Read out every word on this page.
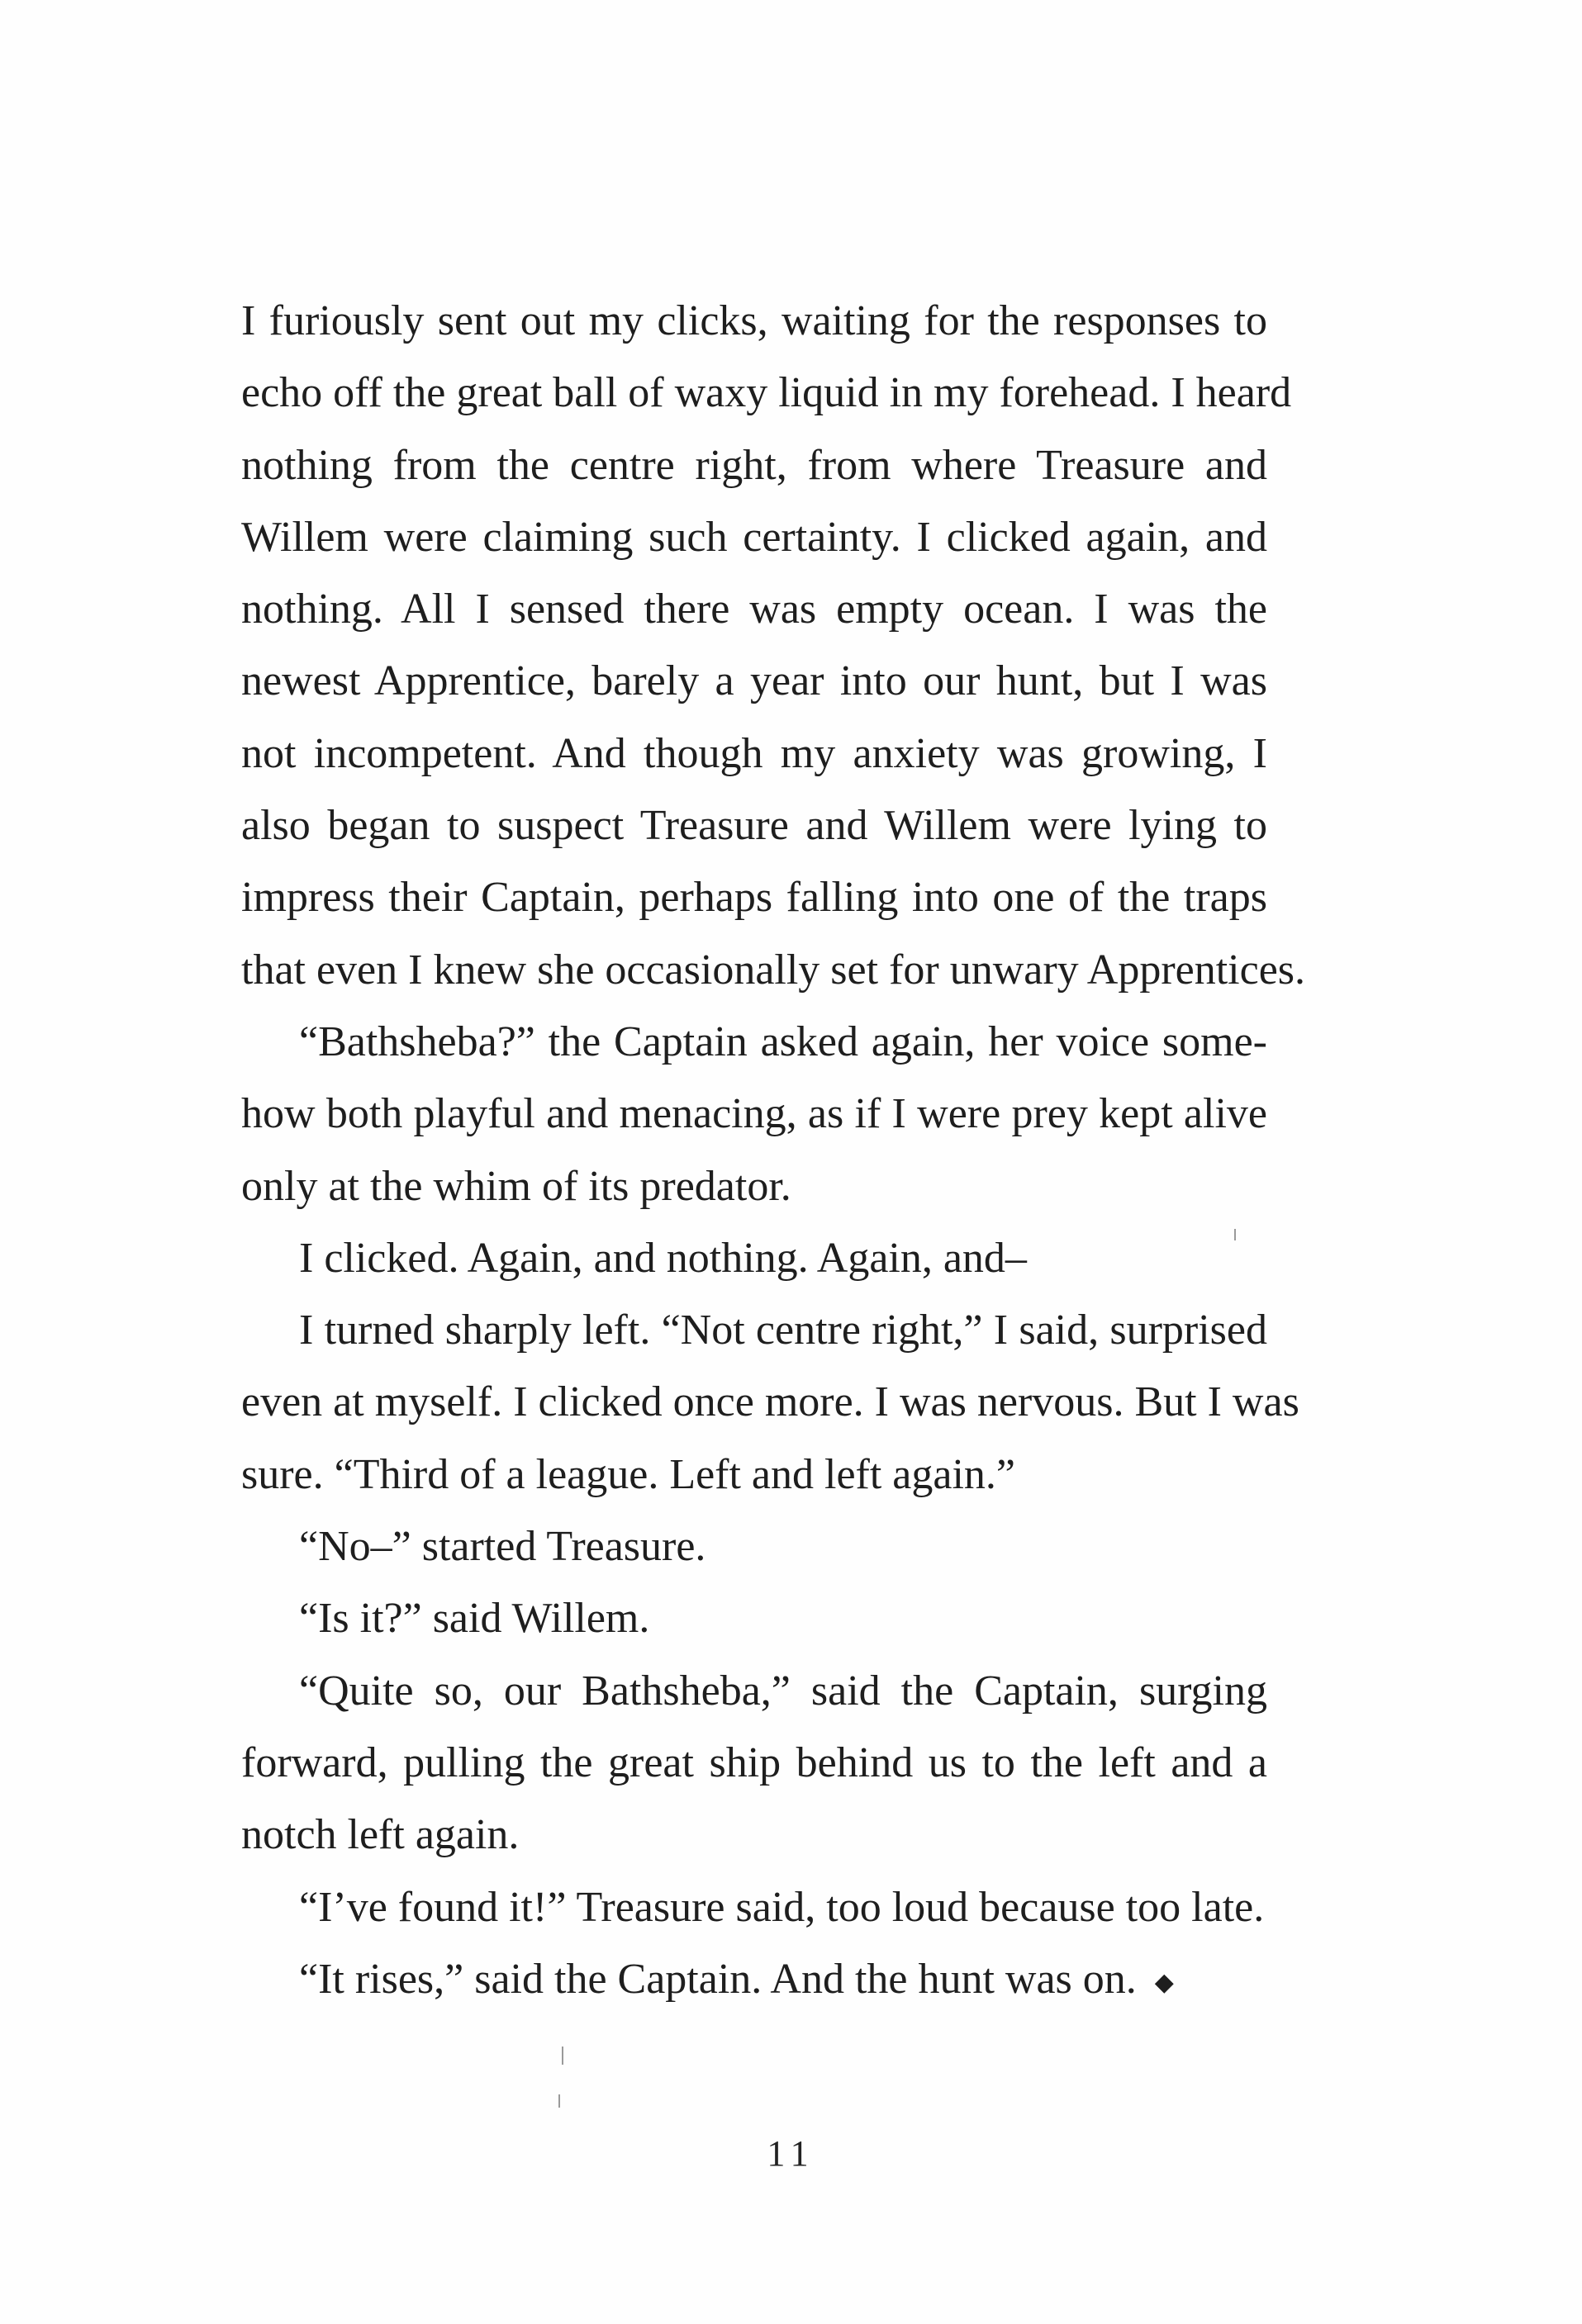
I furiously sent out my clicks, waiting for the responses to
echo off the great ball of waxy liquid in my forehead. I heard
nothing from the centre right, from where Treasure and
Willem were claiming such certainty. I clicked again, and
nothing. All I sensed there was empty ocean. I was the
newest Apprentice, barely a year into our hunt, but I was
not incompetent. And though my anxiety was growing, I
also began to suspect Treasure and Willem were lying to
impress their Captain, perhaps falling into one of the traps
that even I knew she occasionally set for unwary Apprentices.
“Bathsheba?” the Captain asked again, her voice some-
how both playful and menacing, as if I were prey kept alive
only at the whim of its predator.
I clicked. Again, and nothing. Again, and–
I turned sharply left. “Not centre right,” I said, surprised
even at myself. I clicked once more. I was nervous. But I was
sure. “Third of a league. Left and left again.”
“No–” started Treasure.
“Is it?” said Willem.
“Quite so, our Bathsheba,” said the Captain, surging
forward, pulling the great ship behind us to the left and a
notch left again.
“I’ve found it!” Treasure said, too loud because too late.
“It rises,” said the Captain. And the hunt was on. ◆
11
